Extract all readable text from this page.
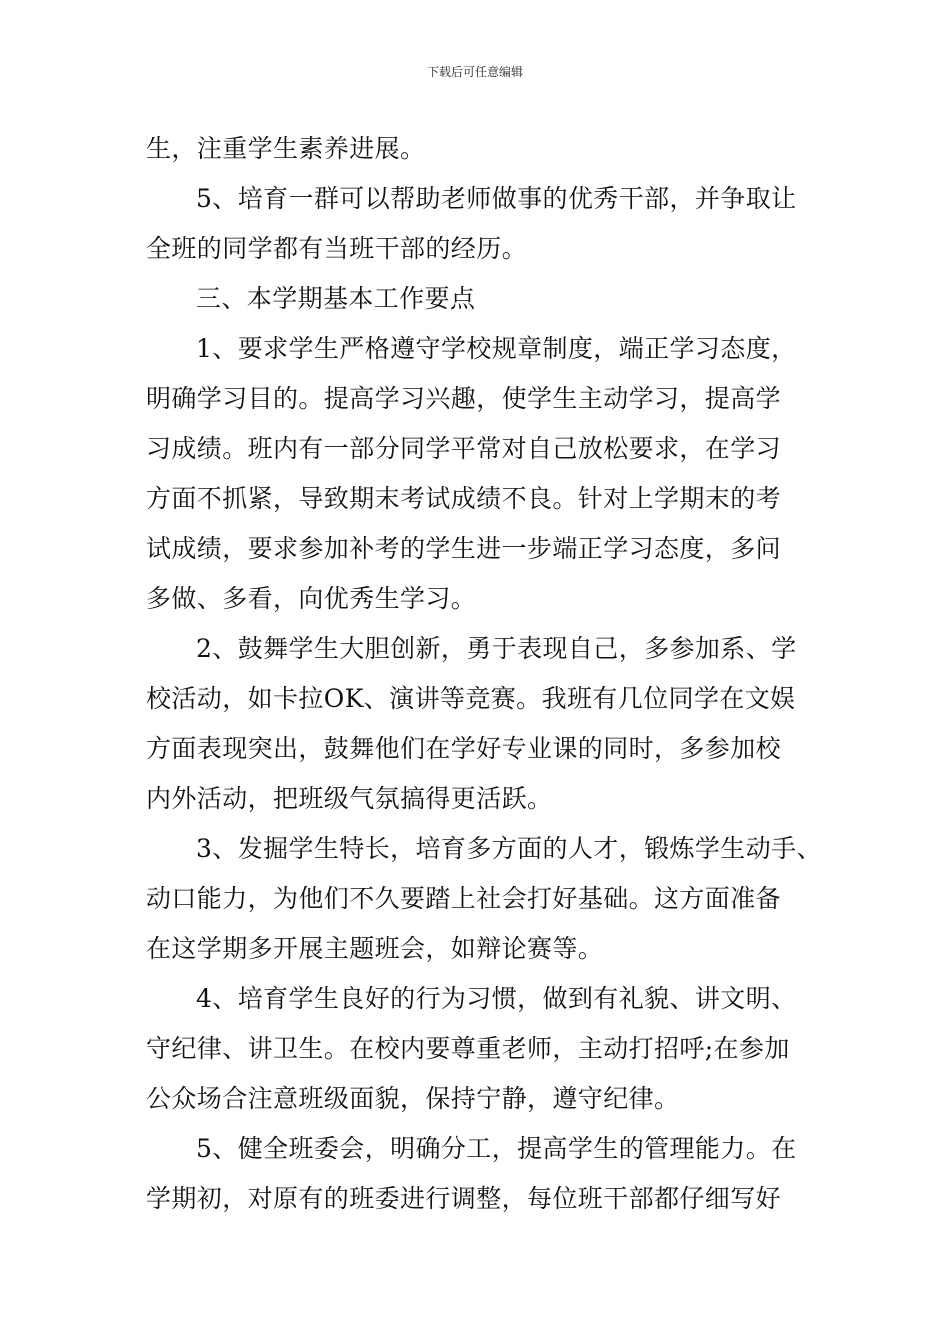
下载后可任意编辑
生，注重学生素养进展。
5、培育一群可以帮助老师做事的优秀干部，并争取让
全班的同学都有当班干部的经历。
三、本学期基本工作要点
1、要求学生严格遵守学校规章制度，端正学习态度，
明确学习目的。提高学习兴趣，使学生主动学习，提高学
习成绩。班内有一部分同学平常对自己放松要求，在学习
方面不抓紧，导致期末考试成绩不良。针对上学期末的考
试成绩，要求参加补考的学生进一步端正学习态度，多问
多做、多看，向优秀生学习。
2、鼓舞学生大胆创新，勇于表现自己，多参加系、学
校活动，如卡拉OK、演讲等竞赛。我班有几位同学在文娱
方面表现突出，鼓舞他们在学好专业课的同时，多参加校
内外活动，把班级气氛搞得更活跃。
3、发掘学生特长，培育多方面的人才，锻炼学生动手、
动口能力，为他们不久要踏上社会打好基础。这方面准备
在这学期多开展主题班会，如辩论赛等。
4、培育学生良好的行为习惯，做到有礼貌、讲文明、
守纪律、讲卫生。在校内要尊重老师，主动打招呼;在参加
公众场合注意班级面貌，保持宁静，遵守纪律。
5、健全班委会，明确分工，提高学生的管理能力。在
学期初，对原有的班委进行调整，每位班干部都仔细写好
